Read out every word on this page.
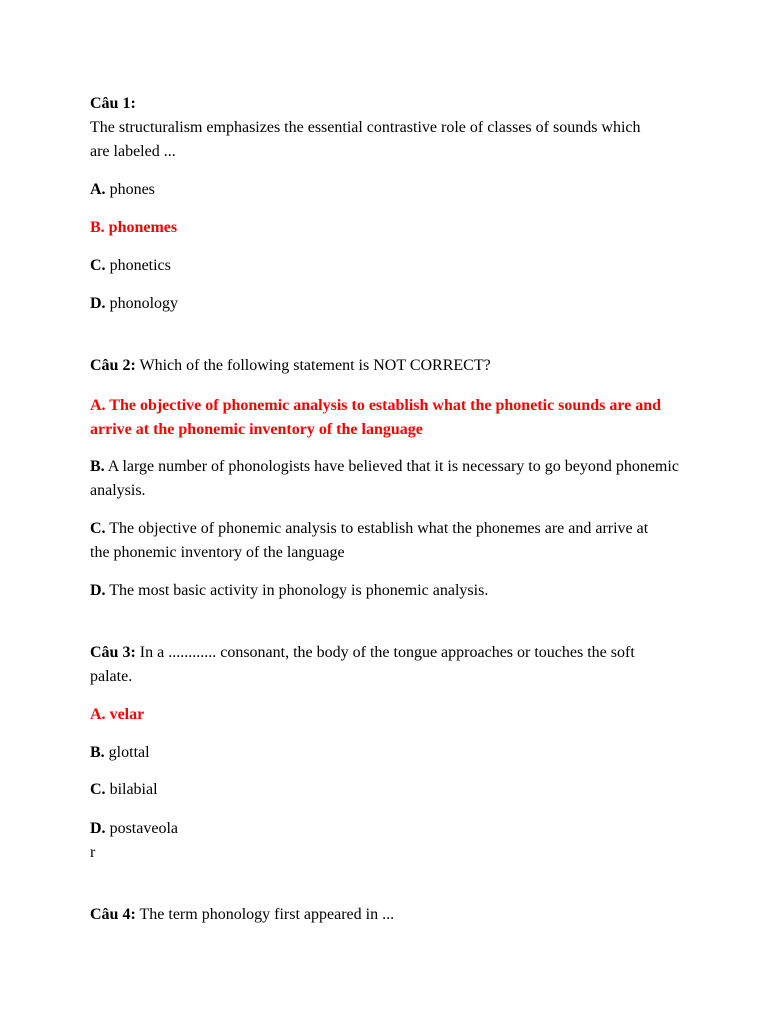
Câu 1:

The structuralism emphasizes the essential contrastive role of classes of sounds which are labeled ...

A. phones

B. phonemes

C. phonetics

D. phonology

Câu 2: Which of the following statement is NOT CORRECT?

A. The objective of phonemic analysis to establish what the phonetic sounds are and arrive at the phonemic inventory of the language

B. A large number of phonologists have believed that it is necessary to go beyond phonemic analysis.

C. The objective of phonemic analysis to establish what the phonemes are and arrive at the phonemic inventory of the language

D. The most basic activity in phonology is phonemic analysis.

Câu 3: In a ............ consonant, the body of the tongue approaches or touches the soft palate.

A. velar

B. glottal

C. bilabial

D. postaveola

r

Câu 4: The term phonology first appeared in ...
